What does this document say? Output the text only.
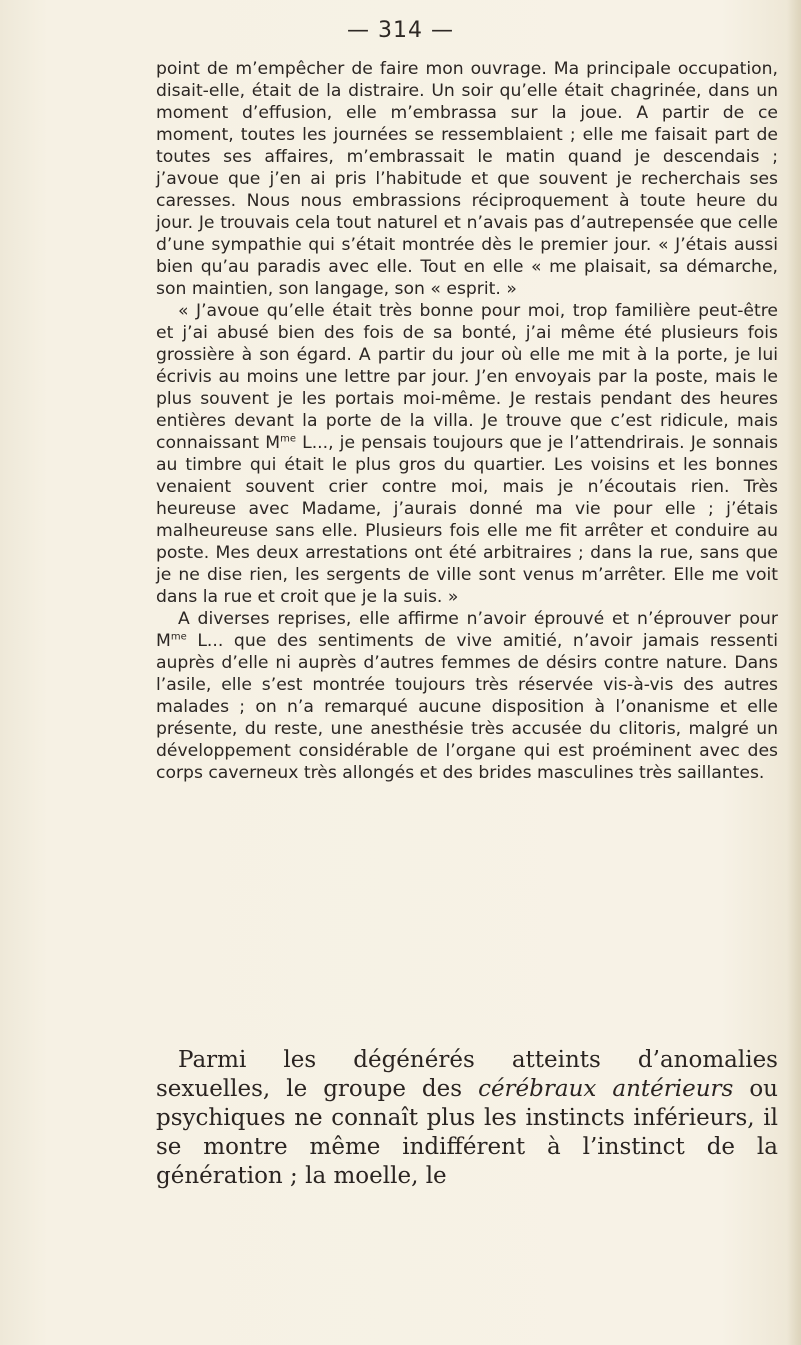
— 314 —

point de m’empêcher de faire mon ouvrage. Ma principale occupation, disait-elle, était de la distraire. Un soir qu’elle était chagrinée, dans un moment d’effusion, elle m’embrassa sur la joue. A partir de ce moment, toutes les journées se ressemblaient ; elle me faisait part de toutes ses affaires, m’embrassait le matin quand je descendais ; j’avoue que j’en ai pris l’habitude et que souvent je recherchais ses caresses. Nous nous embrassions réciproquement à toute heure du jour. Je trouvais cela tout naturel et n’avais pas d’autrepensée que celle d’une sympathie qui s’était montrée dès le premier jour. « J’étais aussi bien qu’au paradis avec elle. Tout en elle « me plaisait, sa démarche, son maintien, son langage, son « esprit. »

« J’avoue qu’elle était très bonne pour moi, trop familière peut-être et j’ai abusé bien des fois de sa bonté, j’ai même été plusieurs fois grossière à son égard. A partir du jour où elle me mit à la porte, je lui écrivis au moins une lettre par jour. J’en envoyais par la poste, mais le plus souvent je les portais moi-même. Je restais pendant des heures entières devant la porte de la villa. Je trouve que c’est ridicule, mais connaissant $M^{me}$ L..., je pensais toujours que je l’attendrirais. Je sonnais au timbre qui était le plus gros du quartier. Les voisins et les bonnes venaient souvent crier contre moi, mais je n’écoutais rien. Très heureuse avec Madame, j’aurais donné ma vie pour elle ; j’étais malheureuse sans elle. Plusieurs fois elle me fit arrêter et conduire au poste. Mes deux arrestations ont été arbitraires ; dans la rue, sans que je ne dise rien, les sergents de ville sont venus m’arrêter. Elle me voit dans la rue et croit que je la suis. »

A diverses reprises, elle affirme n’avoir éprouvé et n’éprouver pour $M^{me}$ L... que des sentiments de vive amitié, n’avoir jamais ressenti auprès d’elle ni auprès d’autres femmes de désirs contre nature. Dans l’asile, elle s’est montrée toujours très réservée vis-à-vis des autres malades ; on n’a remarqué aucune disposition à l’onanisme et elle présente, du reste, une anesthésie très accusée du clitoris, malgré un développement considérable de l’organe qui est proéminent avec des corps caverneux très allongés et des brides masculines très saillantes.

Parmi les dégénérés atteints d’anomalies sexuelles, le groupe des cérébraux antérieurs ou psychiques ne connaît plus les instincts inférieurs, il se montre même indifférent à l’instinct de la génération ; la moelle, le
